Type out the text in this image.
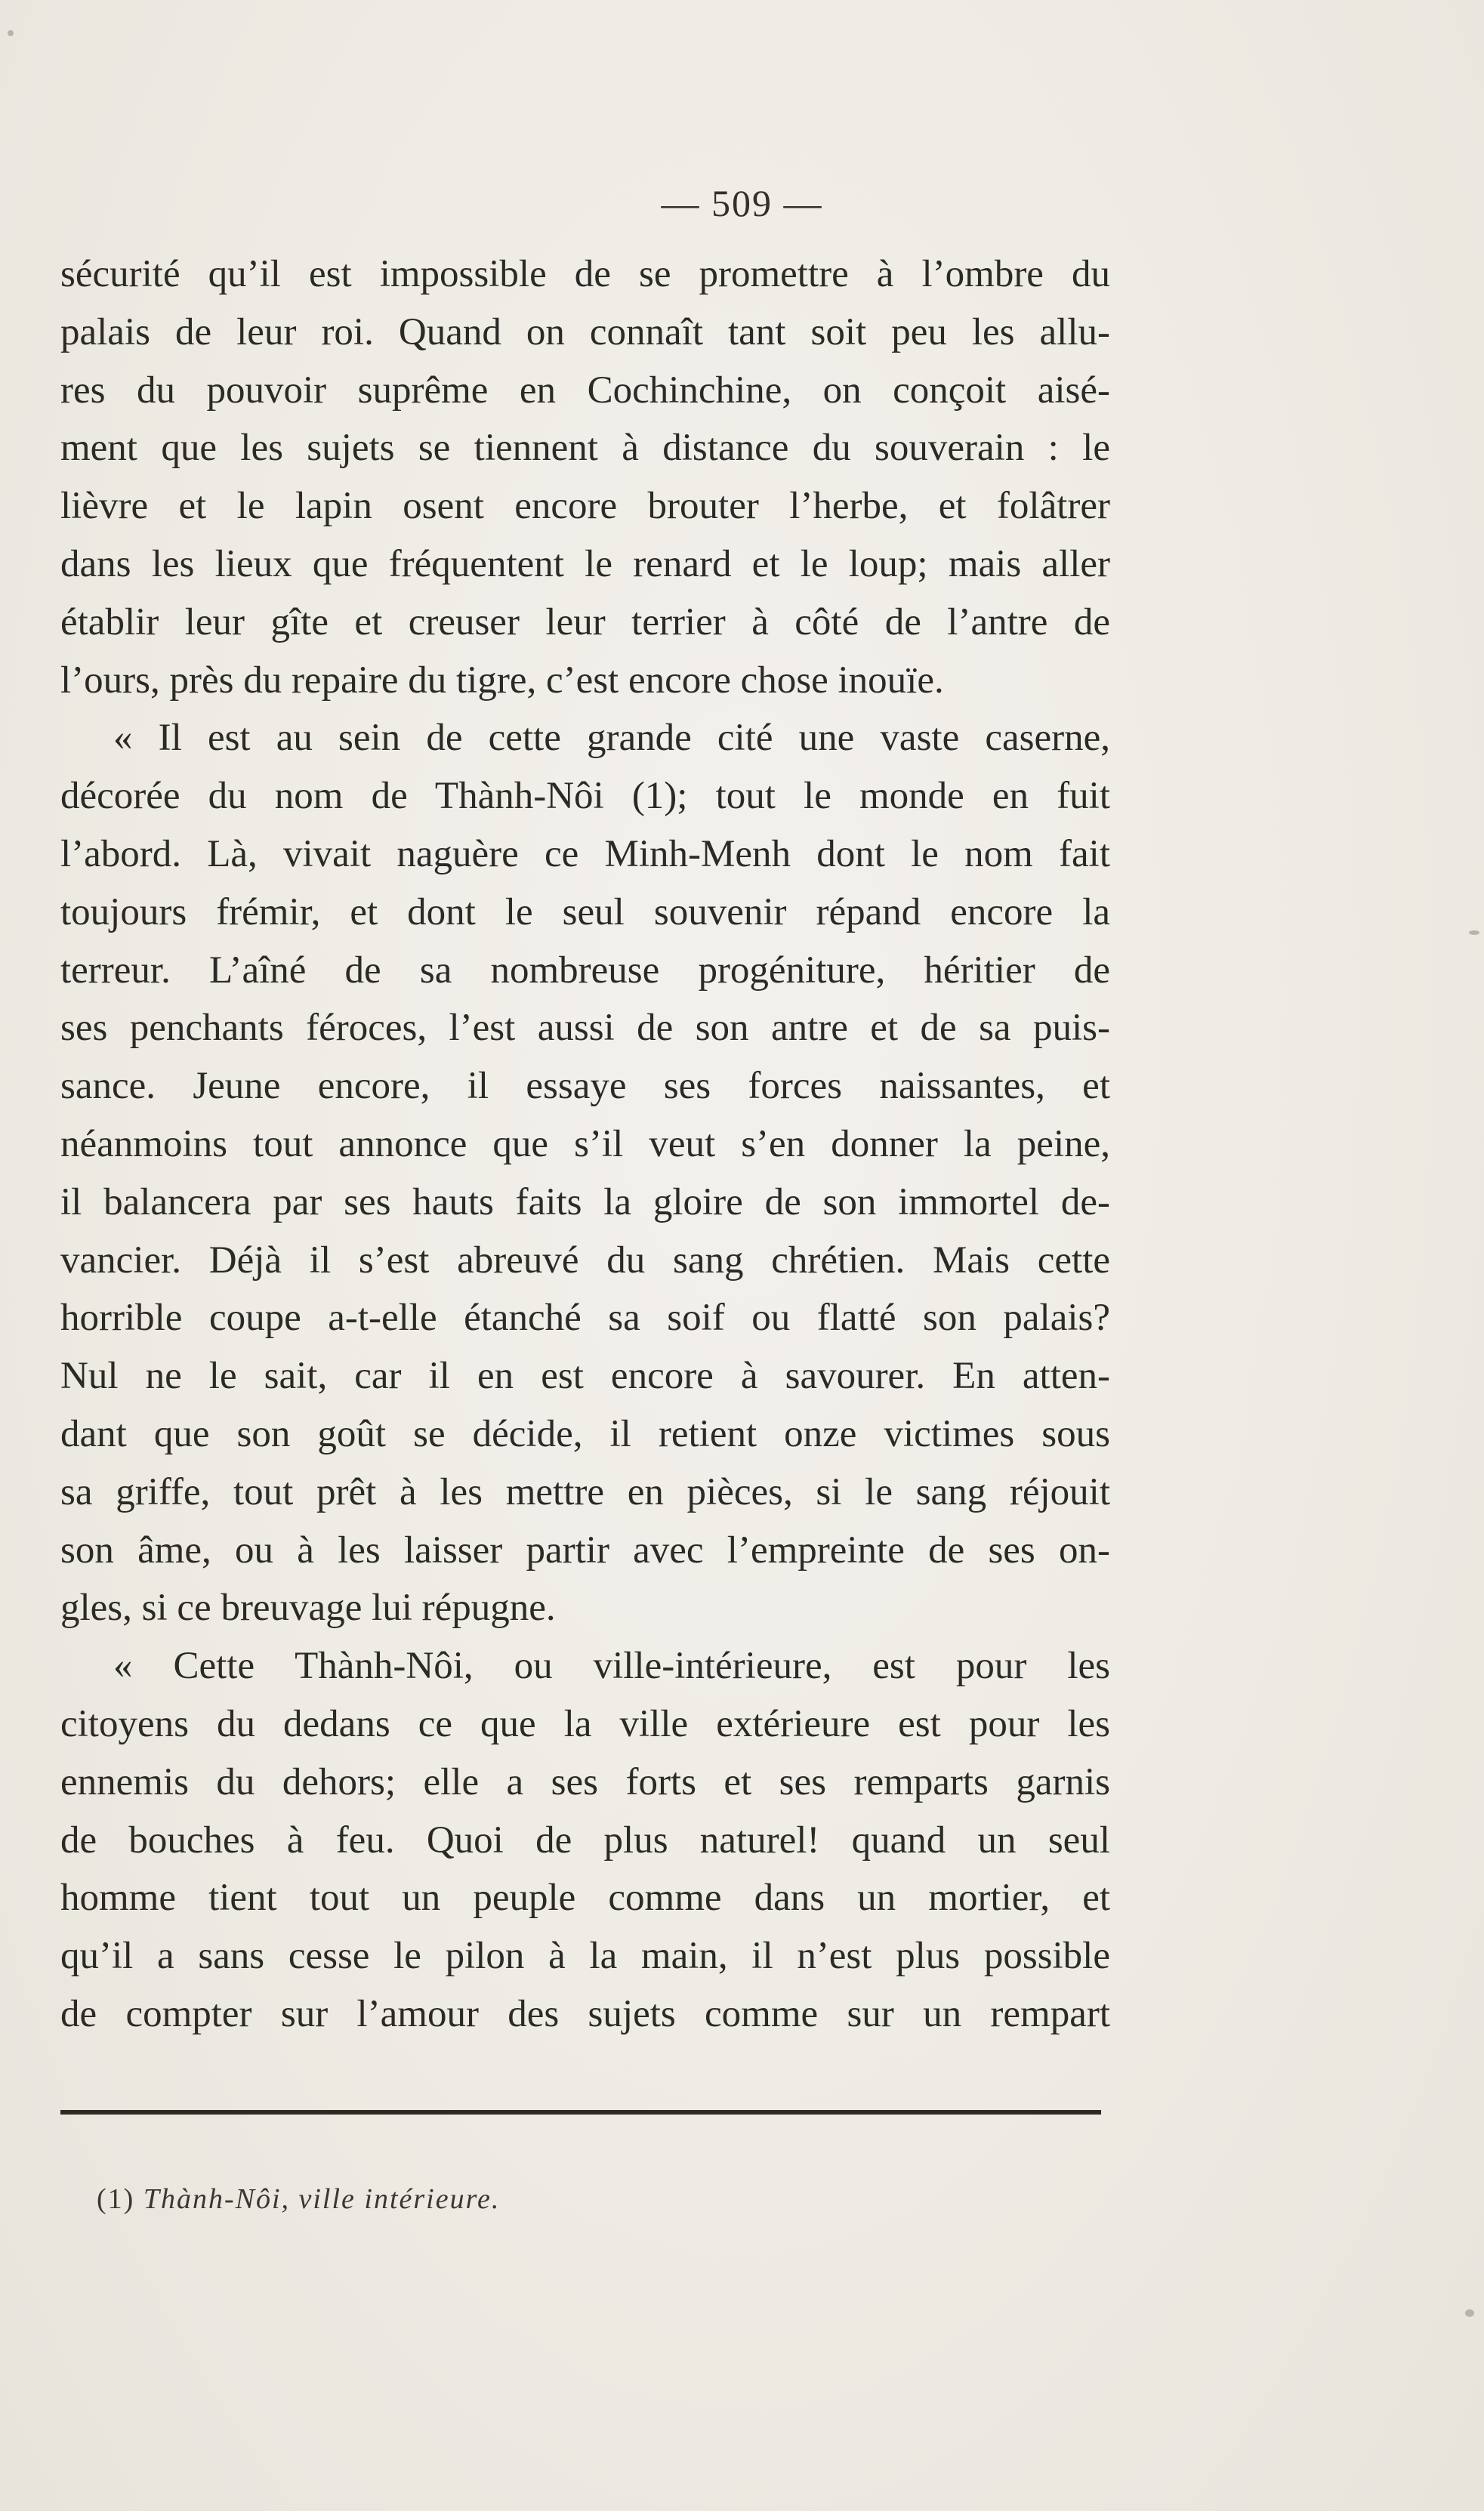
— 509 —
sécurité qu’il est impossible de se promettre à l’ombre du
palais de leur roi. Quand on connaît tant soit peu les allu-
res du pouvoir suprême en Cochinchine, on conçoit aisé-
ment que les sujets se tiennent à distance du souverain : le
lièvre et le lapin osent encore brouter l’herbe, et folâtrer
dans les lieux que fréquentent le renard et le loup; mais aller
établir leur gîte et creuser leur terrier à côté de l’antre de
l’ours, près du repaire du tigre, c’est encore chose inouïe.
« Il est au sein de cette grande cité une vaste caserne,
décorée du nom de Thành-Nôi (1); tout le monde en fuit
l’abord. Là, vivait naguère ce Minh-Menh dont le nom fait
toujours frémir, et dont le seul souvenir répand encore la
terreur. L’aîné de sa nombreuse progéniture, héritier de
ses penchants féroces, l’est aussi de son antre et de sa puis-
sance. Jeune encore, il essaye ses forces naissantes, et
néanmoins tout annonce que s’il veut s’en donner la peine,
il balancera par ses hauts faits la gloire de son immortel de-
vancier. Déjà il s’est abreuvé du sang chrétien. Mais cette
horrible coupe a-t-elle étanché sa soif ou flatté son palais?
Nul ne le sait, car il en est encore à savourer. En atten-
dant que son goût se décide, il retient onze victimes sous
sa griffe, tout prêt à les mettre en pièces, si le sang réjouit
son âme, ou à les laisser partir avec l’empreinte de ses on-
gles, si ce breuvage lui répugne.
« Cette Thành-Nôi, ou ville-intérieure, est pour les
citoyens du dedans ce que la ville extérieure est pour les
ennemis du dehors; elle a ses forts et ses remparts garnis
de bouches à feu. Quoi de plus naturel! quand un seul
homme tient tout un peuple comme dans un mortier, et
qu’il a sans cesse le pilon à la main, il n’est plus possible
de compter sur l’amour des sujets comme sur un rempart
(1) Thành-Nôi, ville intérieure.
